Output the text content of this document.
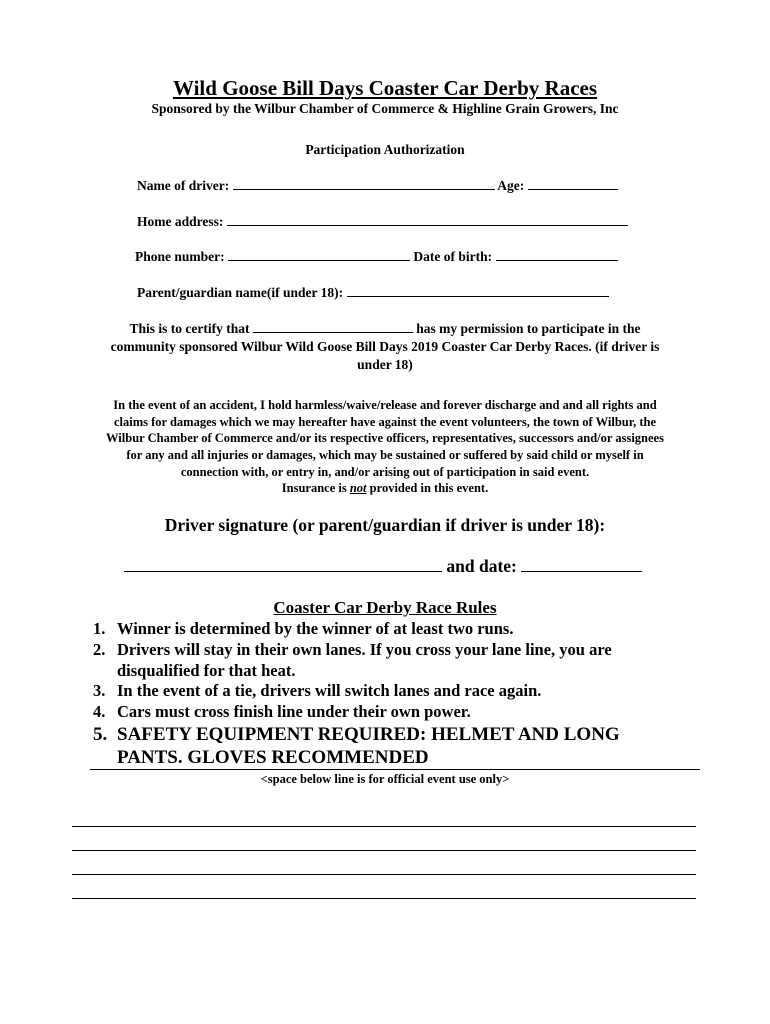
Wild Goose Bill Days Coaster Car Derby Races
Sponsored by the Wilbur Chamber of Commerce & Highline Grain Growers, Inc
Participation Authorization
Name of driver:	Age:
Home address:
Phone number:	Date of birth:
Parent/guardian name(if under 18):
This is to certify that	has my permission to participate in the
community sponsored Wilbur Wild Goose Bill Days 2019 Coaster Car Derby Races. (if driver is
under 18)
In the event of an accident, I hold harmless/waive/release and forever discharge and and all rights and
claims for damages which we may hereafter have against the event volunteers, the town of Wilbur, the
Wilbur Chamber of Commerce and/or its respective officers, representatives, successors and/or assignees
for any and all injuries or damages, which may be sustained or suffered by said child or myself in
connection with, or entry in, and/or arising out of participation in said event.
Insurance is not provided in this event.
Driver signature (or parent/guardian if driver is under 18):
and date:
Coaster Car Derby Race Rules
1. Winner is determined by the winner of at least two runs.
2. Drivers will stay in their own lanes. If you cross your lane line, you are
disqualified for that heat.
3. In the event of a tie, drivers will switch lanes and race again.
4. Cars must cross finish line under their own power.
5. SAFETY EQUIPMENT REQUIRED: HELMET AND LONG
PANTS. GLOVES RECOMMENDED
<space below line is for official event use only>
